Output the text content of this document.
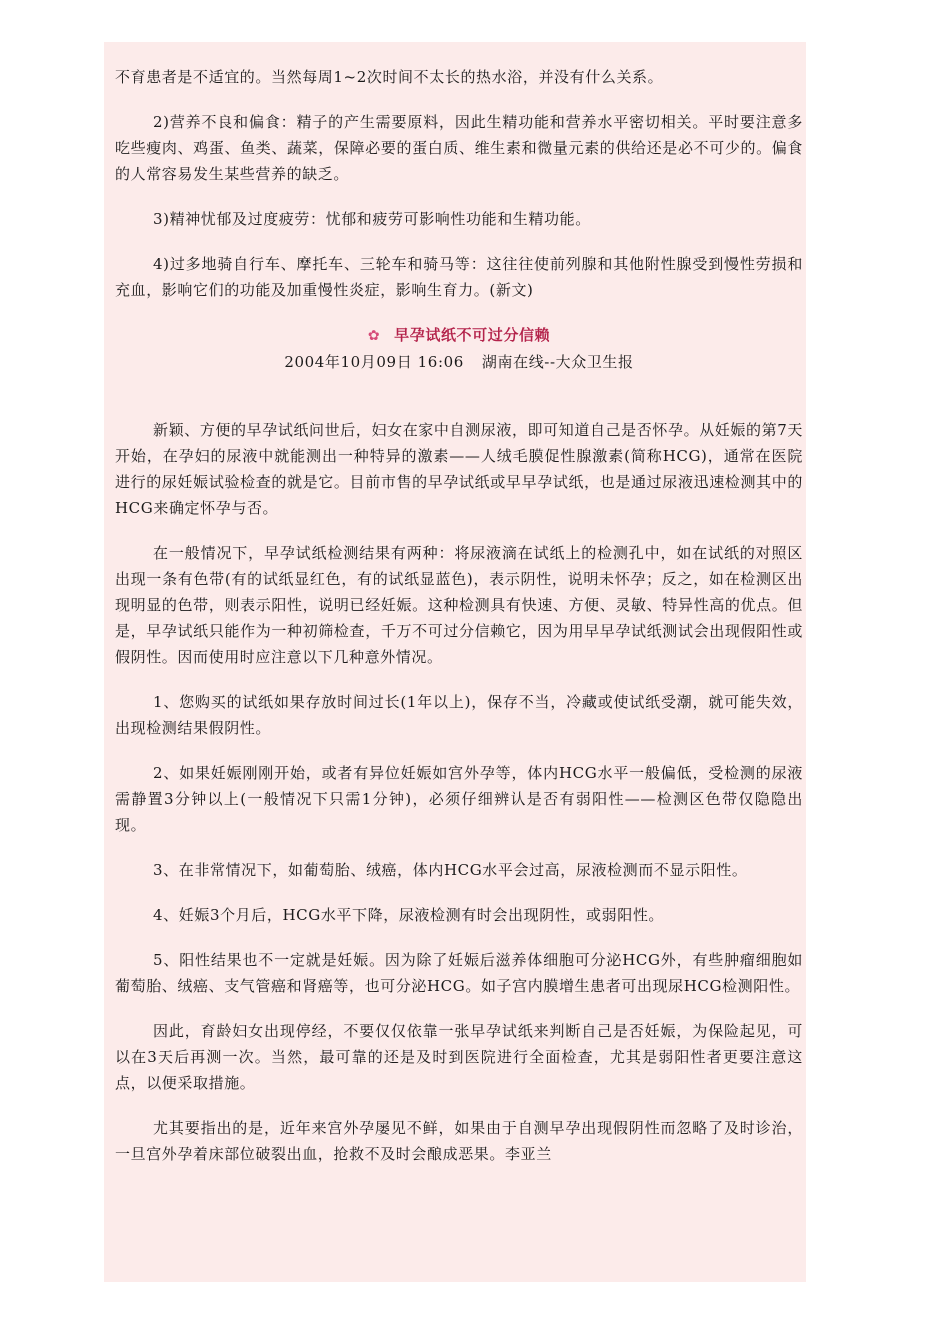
不育患者是不适宜的。当然每周1~2次时间不太长的热水浴，并没有什么关系。

2)营养不良和偏食：精子的产生需要原料，因此生精功能和营养水平密切相关。平时要注意多吃些瘦肉、鸡蛋、鱼类、蔬菜，保障必要的蛋白质、维生素和微量元素的供给还是必不可少的。偏食的人常容易发生某些营养的缺乏。

3)精神忧郁及过度疲劳：忧郁和疲劳可影响性功能和生精功能。

4)过多地骑自行车、摩托车、三轮车和骑马等：这往往使前列腺和其他附性腺受到慢性劳损和充血，影响它们的功能及加重慢性炎症，影响生育力。(新文)

✿ 早孕试纸不可过分信赖
2004年10月09日 16:06 湖南在线--大众卫生报

新颖、方便的早孕试纸问世后，妇女在家中自测尿液，即可知道自己是否怀孕。从妊娠的第7天开始，在孕妇的尿液中就能测出一种特异的激素——人绒毛膜促性腺激素(简称HCG)，通常在医院进行的尿妊娠试验检查的就是它。目前市售的早孕试纸或早早孕试纸，也是通过尿液迅速检测其中的HCG来确定怀孕与否。

在一般情况下，早孕试纸检测结果有两种：将尿液滴在试纸上的检测孔中，如在试纸的对照区出现一条有色带(有的试纸显红色，有的试纸显蓝色)，表示阴性，说明未怀孕；反之，如在检测区出现明显的色带，则表示阳性，说明已经妊娠。这种检测具有快速、方便、灵敏、特异性高的优点。但是，早孕试纸只能作为一种初筛检查，千万不可过分信赖它，因为用早早孕试纸测试会出现假阳性或假阴性。因而使用时应注意以下几种意外情况。

1、您购买的试纸如果存放时间过长(1年以上)，保存不当，冷藏或使试纸受潮，就可能失效，出现检测结果假阴性。

2、如果妊娠刚刚开始，或者有异位妊娠如宫外孕等，体内HCG水平一般偏低，受检测的尿液需静置3分钟以上(一般情况下只需1分钟)，必须仔细辨认是否有弱阳性——检测区色带仅隐隐出现。

3、在非常情况下，如葡萄胎、绒癌，体内HCG水平会过高，尿液检测而不显示阳性。

4、妊娠3个月后，HCG水平下降，尿液检测有时会出现阴性，或弱阳性。

5、阳性结果也不一定就是妊娠。因为除了妊娠后滋养体细胞可分泌HCG外，有些肿瘤细胞如葡萄胎、绒癌、支气管癌和肾癌等，也可分泌HCG。如子宫内膜增生患者可出现尿HCG检测阳性。

因此，育龄妇女出现停经，不要仅仅依靠一张早孕试纸来判断自己是否妊娠，为保险起见，可以在3天后再测一次。当然，最可靠的还是及时到医院进行全面检查，尤其是弱阳性者更要注意这点，以便采取措施。

尤其要指出的是，近年来宫外孕屡见不鲜，如果由于自测早孕出现假阴性而忽略了及时诊治，一旦宫外孕着床部位破裂出血，抢救不及时会酿成恶果。李亚兰
